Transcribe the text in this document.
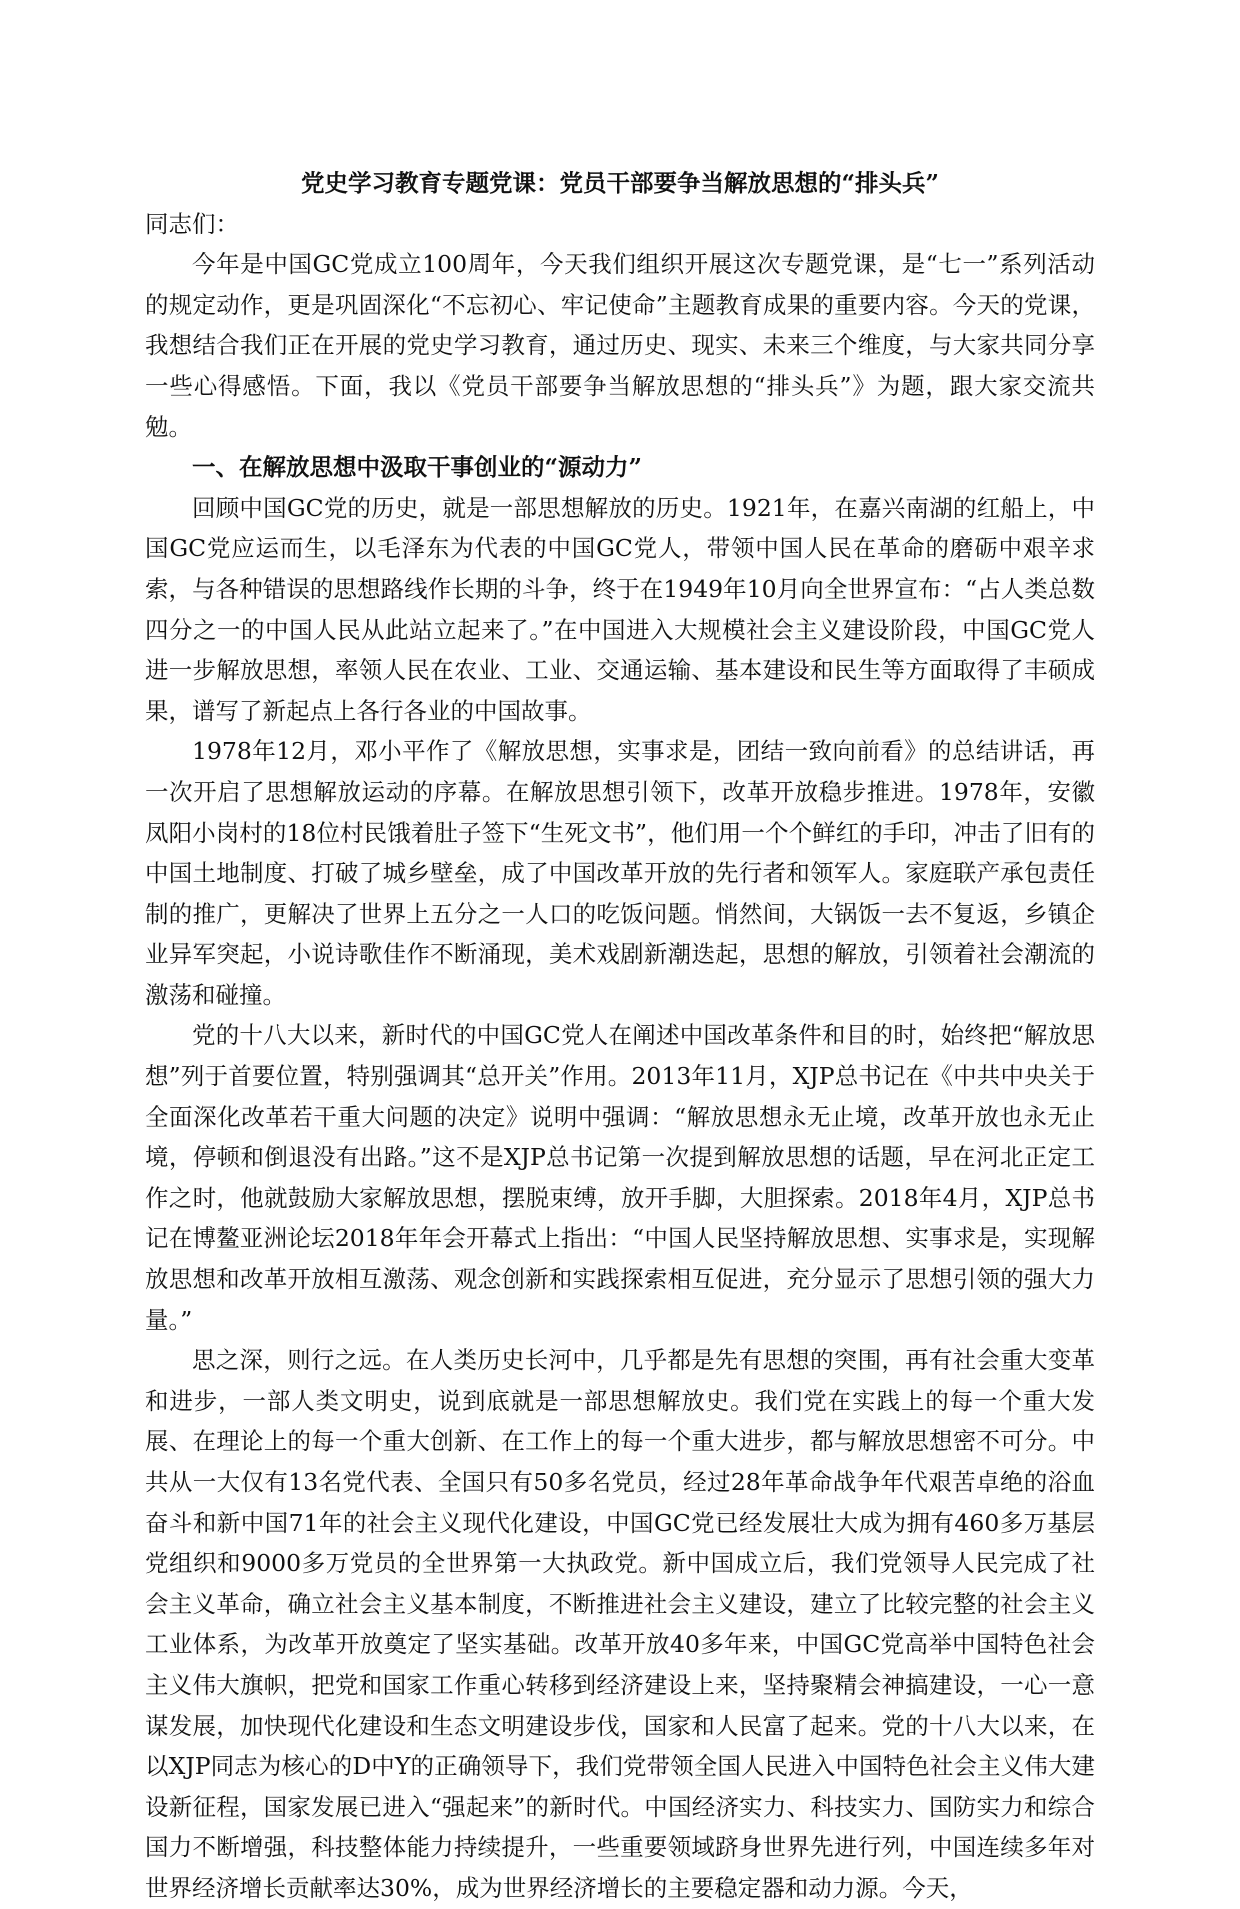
党史学习教育专题党课：党员干部要争当解放思想的“排头兵”

同志们：

今年是中国GC党成立100周年，今天我们组织开展这次专题党课，是“七一”系列活动的规定动作，更是巩固深化“不忘初心、牢记使命”主题教育成果的重要内容。今天的党课，我想结合我们正在开展的党史学习教育，通过历史、现实、未来三个维度，与大家共同分享一些心得感悟。下面，我以《党员干部要争当解放思想的“排头兵”》为题，跟大家交流共勉。

一、在解放思想中汲取干事创业的“源动力”

回顾中国GC党的历史，就是一部思想解放的历史。1921年，在嘉兴南湖的红船上，中国GC党应运而生，以毛泽东为代表的中国GC党人，带领中国人民在革命的磨砺中艰辛求索，与各种错误的思想路线作长期的斗争，终于在1949年10月向全世界宣布：“占人类总数四分之一的中国人民从此站立起来了。”在中国进入大规模社会主义建设阶段，中国GC党人进一步解放思想，率领人民在农业、工业、交通运输、基本建设和民生等方面取得了丰硕成果，谱写了新起点上各行各业的中国故事。

1978年12月，邓小平作了《解放思想，实事求是，团结一致向前看》的总结讲话，再一次开启了思想解放运动的序幕。在解放思想引领下，改革开放稳步推进。1978年，安徽凤阳小岗村的18位村民饿着肚子签下“生死文书”，他们用一个个鲜红的手印，冲击了旧有的中国土地制度、打破了城乡壁垒，成了中国改革开放的先行者和领军人。家庭联产承包责任制的推广，更解决了世界上五分之一人口的吃饭问题。悄然间，大锅饭一去不复返，乡镇企业异军突起，小说诗歌佳作不断涌现，美术戏剧新潮迭起，思想的解放，引领着社会潮流的激荡和碰撞。

党的十八大以来，新时代的中国GC党人在阐述中国改革条件和目的时，始终把“解放思想”列于首要位置，特别强调其“总开关”作用。2013年11月，XJP总书记在《中共中央关于全面深化改革若干重大问题的决定》说明中强调：“解放思想永无止境，改革开放也永无止境，停顿和倒退没有出路。”这不是XJP总书记第一次提到解放思想的话题，早在河北正定工作之时，他就鼓励大家解放思想，摆脱束缚，放开手脚，大胆探索。2018年4月，XJP总书记在博鳌亚洲论坛2018年年会开幕式上指出：“中国人民坚持解放思想、实事求是，实现解放思想和改革开放相互激荡、观念创新和实践探索相互促进，充分显示了思想引领的强大力量。”

思之深，则行之远。在人类历史长河中，几乎都是先有思想的突围，再有社会重大变革和进步，一部人类文明史，说到底就是一部思想解放史。我们党在实践上的每一个重大发展、在理论上的每一个重大创新、在工作上的每一个重大进步，都与解放思想密不可分。中共从一大仅有13名党代表、全国只有50多名党员，经过28年革命战争年代艰苦卓绝的浴血奋斗和新中国71年的社会主义现代化建设，中国GC党已经发展壮大成为拥有460多万基层党组织和9000多万党员的全世界第一大执政党。新中国成立后，我们党领导人民完成了社会主义革命，确立社会主义基本制度，不断推进社会主义建设，建立了比较完整的社会主义工业体系，为改革开放奠定了坚实基础。改革开放40多年来，中国GC党高举中国特色社会主义伟大旗帜，把党和国家工作重心转移到经济建设上来，坚持聚精会神搞建设，一心一意谋发展，加快现代化建设和生态文明建设步伐，国家和人民富了起来。党的十八大以来，在以XJP同志为核心的D中Y的正确领导下，我们党带领全国人民进入中国特色社会主义伟大建设新征程，国家发展已进入“强起来”的新时代。中国经济实力、科技实力、国防实力和综合国力不断增强，科技整体能力持续提升，一些重要领域跻身世界先进行列，中国连续多年对世界经济增长贡献率达30%，成为世界经济增长的主要稳定器和动力源。今天，
